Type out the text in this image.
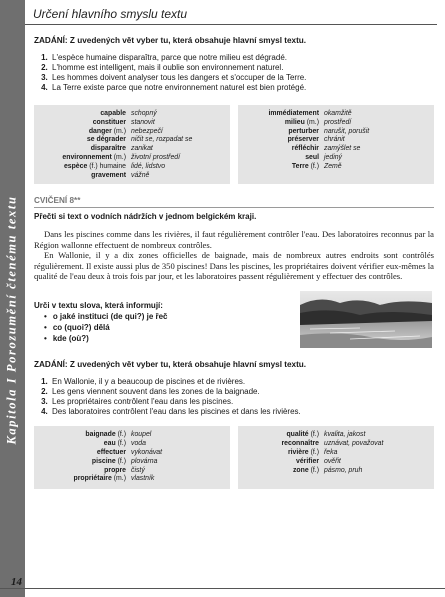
Kapitola I Porozumění čtenému textu
Určení hlavního smyslu textu

ZADÁNÍ: Z uvedených vět vyber tu, která obsahuje hlavní smysl textu.

1. L'espèce humaine disparaîtra, parce que notre milieu est dégradé.
2. L'homme est intelligent, mais il oublie son environnement naturel.
3. Les hommes doivent analyser tous les dangers et s'occuper de la Terre.
4. La Terre existe parce que notre environnement naturel est bien protégé.
capable schopný
constituer stanovit
danger (m.) nebezpečí
se dégrader ničit se, rozpadat se
disparaître zanikat
environnement (m.) životní prostředí
espèce (f.) humaine lidé, lidstvo
gravement vážně
immédiatement okamžitě
milieu (m.) prostředí
perturber narušit, porušit
préserver chránit
réfléchir zamýšlet se
seul jediný
Terre (f.) Země
CVIČENÍ 8**
Přečti si text o vodních nádržích v jednom belgickém kraji.

Dans les piscines comme dans les rivières, il faut régulièrement contrôler l'eau. Des laboratoires reconnus par la Région wallonne effectuent de nombreux contrôles.

En Wallonie, il y a dix zones officielles de baignade, mais de nombreux autres endroits sont contrôlés régulièrement. Il existe aussi plus de 350 piscines! Dans les piscines, les propriétaires doivent vérifier eux-mêmes la qualité de l'eau deux à trois fois par jour, et les laboratoires passent régulièrement y effectuer des contrôles.

Urči v textu slova, která informují:

• o jaké instituci (de qui?) je řeč
• co (quoi?) dělá
• kde (où?)

ZADÁNÍ: Z uvedených vět vyber tu, která obsahuje hlavní smysl textu.

1. En Wallonie, il y a beaucoup de piscines et de rivières.
2. Les gens viennent souvent dans les zones de la baignade.
3. Les propriétaires contrôlent l'eau dans les piscines.
4. Des laboratoires contrôlent l'eau dans les piscines et dans les rivières.
baignade (f.) koupel
eau (f.) voda
effectuer vykonávat
piscine (f.) plovárna
propre čistý
propriétaire (m.) vlastník
qualité (f.) kvalita, jakost
reconnaître uznávat, považovat
rivière (f.) řeka
vérifier ověřit
zone (f.) pásmo, pruh
14
